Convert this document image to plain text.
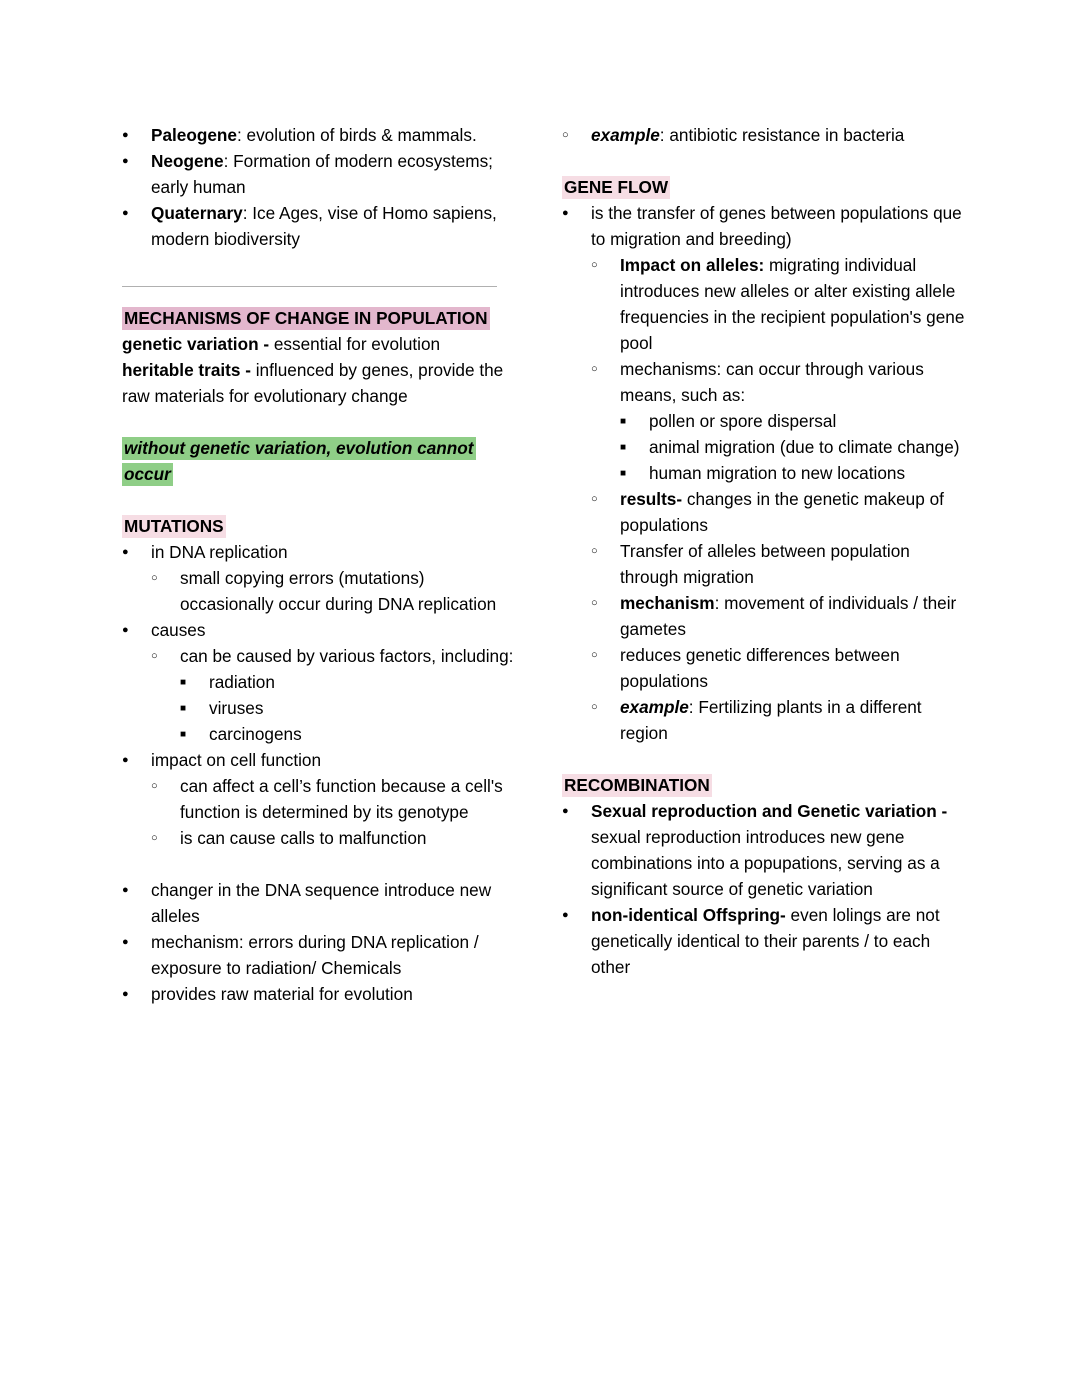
●
Paleogene: evolution of birds & mammals.
●
Neogene: Formation of modern ecosystems; early human
●
Quaternary: Ice Ages, vise of Homo sapiens, modern biodiversity
MECHANISMS OF CHANGE IN POPULATION

genetic variation - essential for evolution

heritable traits - influenced by genes, provide the raw materials for evolutionary change

without genetic variation, evolution cannot occur
MUTATIONS
●
in DNA replication
○
small copying errors (mutations) occasionally occur during DNA replication
●
causes
○
can be caused by various factors, including:
■
radiation
■
viruses
■
carcinogens
●
impact on cell function
○
can affect a cell’s function because a cell's function is determined by its genotype
○
is can cause calls to malfunction
●
changer in the DNA sequence introduce new alleles
●
mechanism: errors during DNA replication / exposure to radiation/ Chemicals
●
provides raw material for evolution
○
example: antibiotic resistance in bacteria
GENE FLOW
●
is the transfer of genes between populations que to migration and breeding)
○
Impact on alleles: migrating individual introduces new alleles or alter existing allele frequencies in the recipient population's gene pool
○
mechanisms: can occur through various means, such as:
■
pollen or spore dispersal
■
animal migration (due to climate change)
■
human migration to new locations
○
results- changes in the genetic makeup of populations
○
Transfer of alleles between population through migration
○
mechanism: movement of individuals / their gametes
○
reduces genetic differences between populations
○
example: Fertilizing plants in a different region
RECOMBINATION
●
Sexual reproduction and Genetic variation - sexual reproduction introduces new gene combinations into a popupations, serving as a significant source of genetic variation
●
non-identical Offspring- even lolings are not genetically identical to their parents / to each other
